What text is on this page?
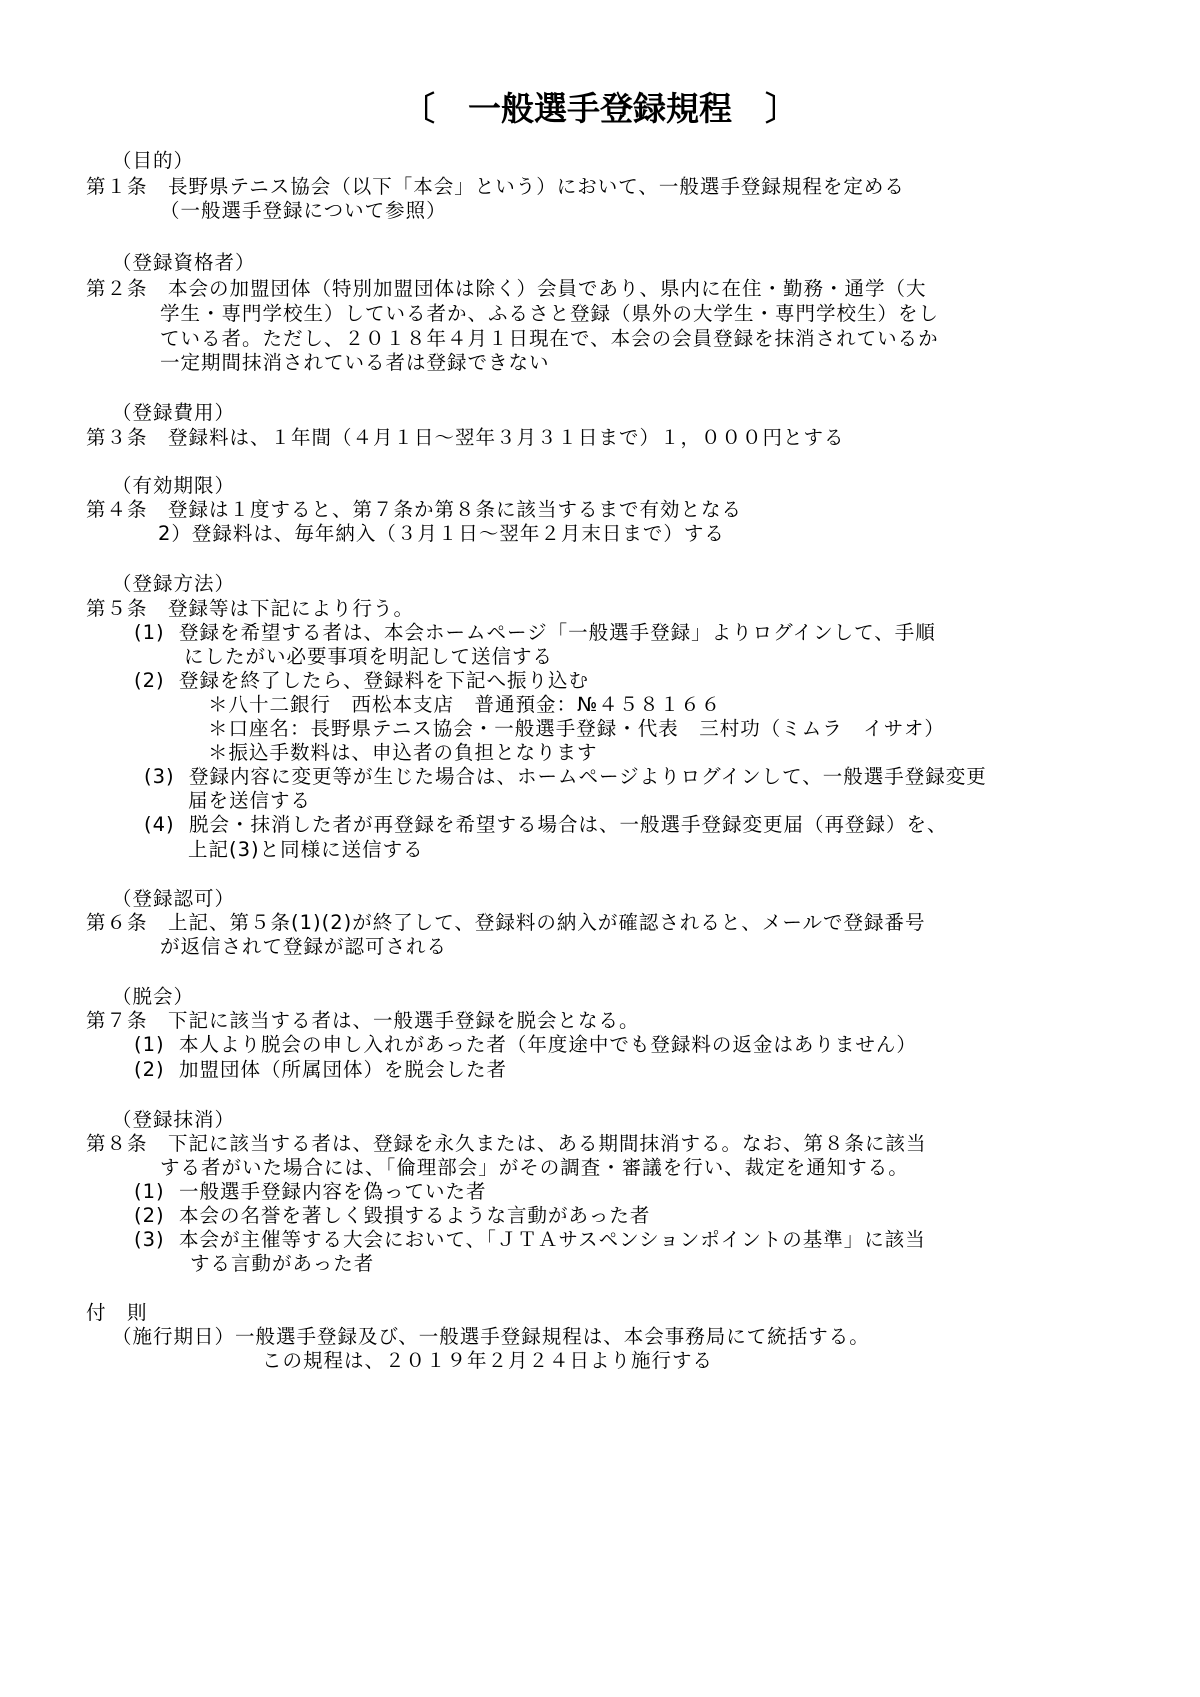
〔　一般選手登録規程　〕
（目的）
第１条　長野県テニス協会（以下「本会」という）において、一般選手登録規程を定める
（一般選手登録について参照）
（登録資格者）
第２条　本会の加盟団体（特別加盟団体は除く）会員であり、県内に在住・勤務・通学（大
学生・専門学校生）している者か、ふるさと登録（県外の大学生・専門学校生）をし
ている者。ただし、２０１８年４月１日現在で、本会の会員登録を抹消されているか
一定期間抹消されている者は登録できない
（登録費用）
第３条　登録料は、１年間（４月１日～翌年３月３１日まで）１，０００円とする
（有効期限）
第４条　登録は１度すると、第７条か第８条に該当するまで有効となる
2）登録料は、毎年納入（３月１日～翌年２月末日まで）する
（登録方法）
第５条　登録等は下記により行う。
(1)  登録を希望する者は、本会ホームページ「一般選手登録」よりログインして、手順
にしたがい必要事項を明記して送信する
(2)  登録を終了したら、登録料を下記へ振り込む
＊八十二銀行　西松本支店　普通預金：№４５８１６６
＊口座名：長野県テニス協会・一般選手登録・代表　三村功（ミムラ　イサオ）
＊振込手数料は、申込者の負担となります
(3)  登録内容に変更等が生じた場合は、ホームページよりログインして、一般選手登録変更
届を送信する
(4)  脱会・抹消した者が再登録を希望する場合は、一般選手登録変更届（再登録）を、
上記(3)と同様に送信する
（登録認可）
第６条　上記、第５条(1)(2)が終了して、登録料の納入が確認されると、メールで登録番号
が返信されて登録が認可される
（脱会）
第７条　下記に該当する者は、一般選手登録を脱会となる。
(1)  本人より脱会の申し入れがあった者（年度途中でも登録料の返金はありません）
(2)  加盟団体（所属団体）を脱会した者
（登録抹消）
第８条　下記に該当する者は、登録を永久または、ある期間抹消する。なお、第８条に該当
する者がいた場合には、「倫理部会」がその調査・審議を行い、裁定を通知する。
(1)  一般選手登録内容を偽っていた者
(2)  本会の名誉を著しく毀損するような言動があった者
(3)  本会が主催等する大会において、「ＪＴＡサスペンションポイントの基準」に該当
する言動があった者
付　則
（施行期日）一般選手登録及び、一般選手登録規程は、本会事務局にて統括する。
この規程は、２０１９年２月２４日より施行する
